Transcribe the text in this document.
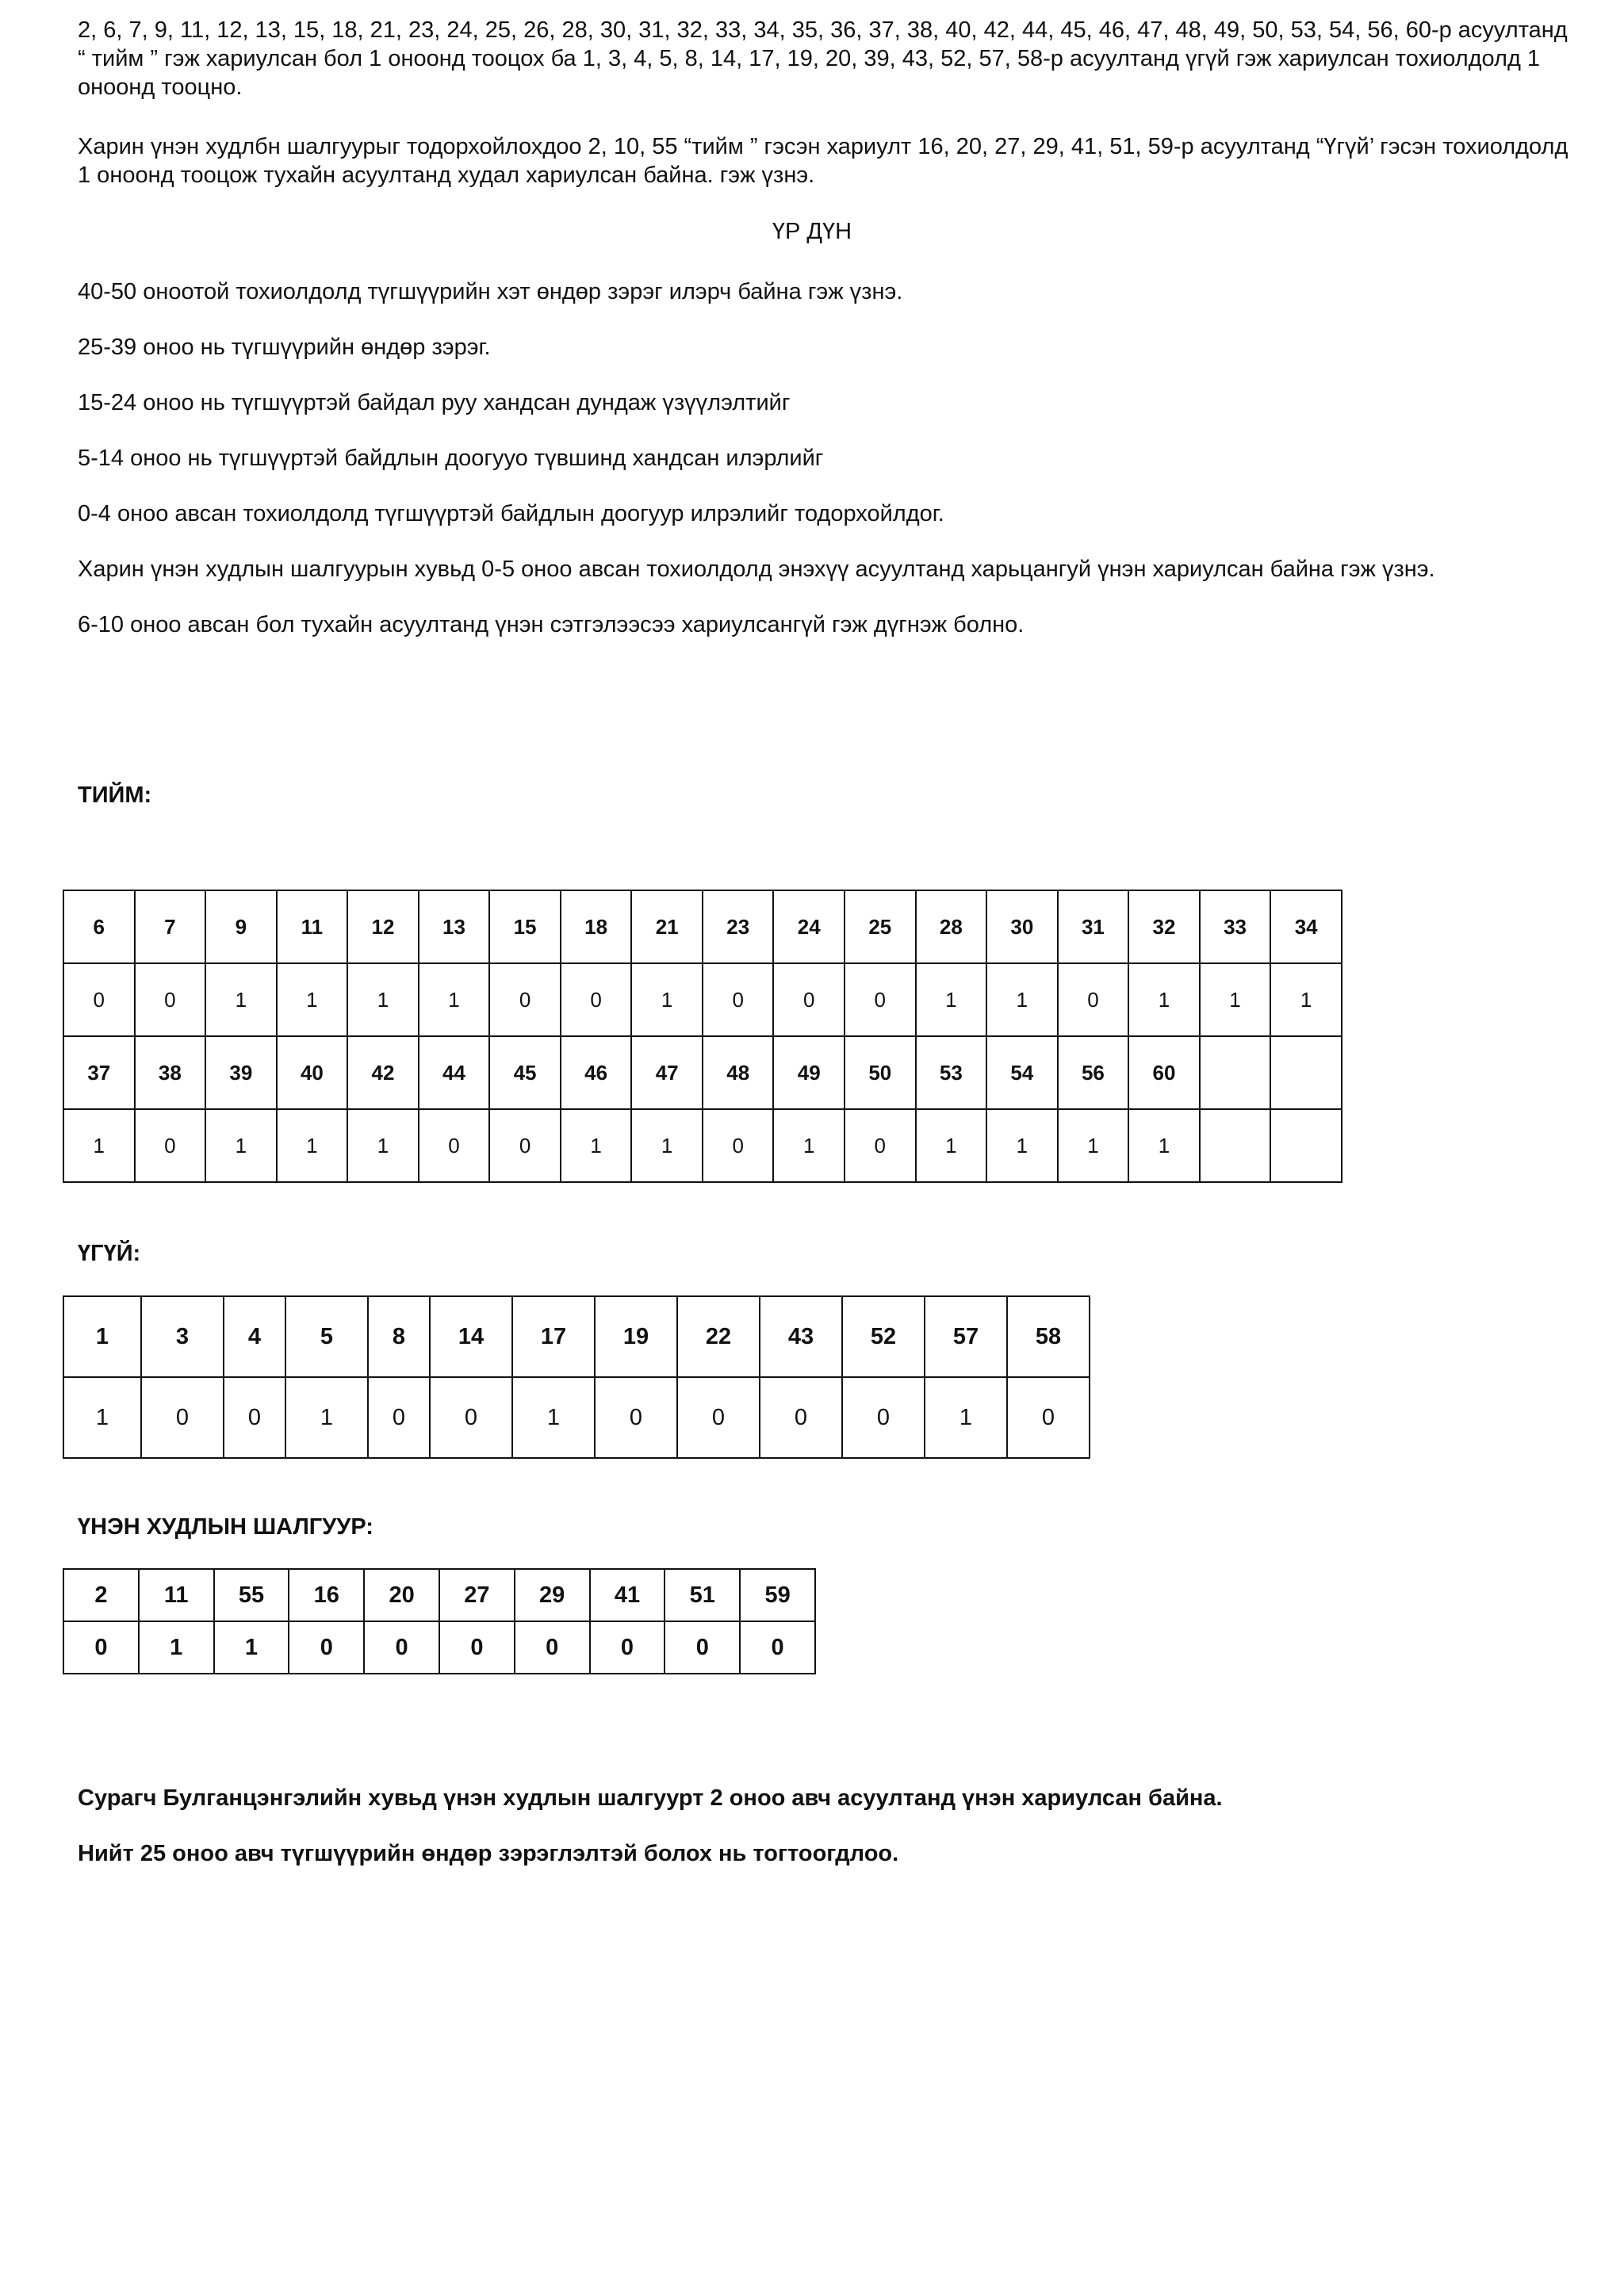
2, 6, 7, 9, 11, 12, 13, 15, 18, 21, 23, 24, 25, 26, 28, 30, 31, 32, 33, 34, 35, 36, 37, 38, 40, 42, 44, 45, 46, 47, 48, 49, 50, 53, 54, 56, 60-р асуултанд “ тийм ” гэж хариулсан бол 1 оноонд тооцох ба 1, 3, 4, 5, 8, 14, 17, 19, 20, 39, 43, 52, 57, 58-р асуултанд үгүй гэж хариулсан тохиолдолд 1 оноонд тооцно.

Харин үнэн худлбн шалгуурыг тодорхойлохдоо 2, 10, 55 “тийм ” гэсэн хариулт 16, 20, 27, 29, 41, 51, 59-р асуултанд “Үгүй’ гэсэн тохиолдолд 1 оноонд тооцож тухайн асуултанд худал хариулсан байна. гэж үзнэ.

ҮР ДҮН

40-50 оноотой тохиолдолд түгшүүрийн хэт өндөр зэрэг илэрч байна гэж үзнэ.

25-39 оноо нь түгшүүрийн өндөр зэрэг.

15-24 оноо нь түгшүүртэй байдал руу хандсан дундаж үзүүлэлтийг

5-14 оноо нь түгшүүртэй байдлын доогууо түвшинд хандсан илэрлийг

0-4 оноо авсан тохиолдолд түгшүүртэй байдлын доогуур илрэлийг тодорхойлдог.

Харин үнэн худлын шалгуурын хувьд 0-5 оноо авсан тохиолдолд энэхүү асуултанд харьцангуй үнэн хариулсан байна гэж үзнэ.

6-10 оноо авсан бол тухайн асуултанд үнэн сэтгэлээсээ хариулсангүй гэж дүгнэж болно.

ТИЙМ:
6	7	9	11	12	13	15	18	21	23	24	25	28	30	31	32	33	34
0	0	1	1	1	1	0	0	1	0	0	0	1	1	0	1	1	1
37	38	39	40	42	44	45	46	47	48	49	50	53	54	56	60		
1	0	1	1	1	0	0	1	1	0	1	0	1	1	1	1		
ҮГҮЙ:
1	3	4	5	8	14	17	19	22	43	52	57	58
1	0	0	1	0	0	1	0	0	0	0	1	0
ҮНЭН ХУДЛЫН ШАЛГУУР:
2	11	55	16	20	27	29	41	51	59
0	1	1	0	0	0	0	0	0	0

Сурагч Булганцэнгэлийн хувьд үнэн худлын шалгуурт 2 оноо авч асуултанд үнэн хариулсан байна.

Нийт 25 оноо авч түгшүүрийн өндөр зэрэглэлтэй болох нь тогтоогдлоо.
